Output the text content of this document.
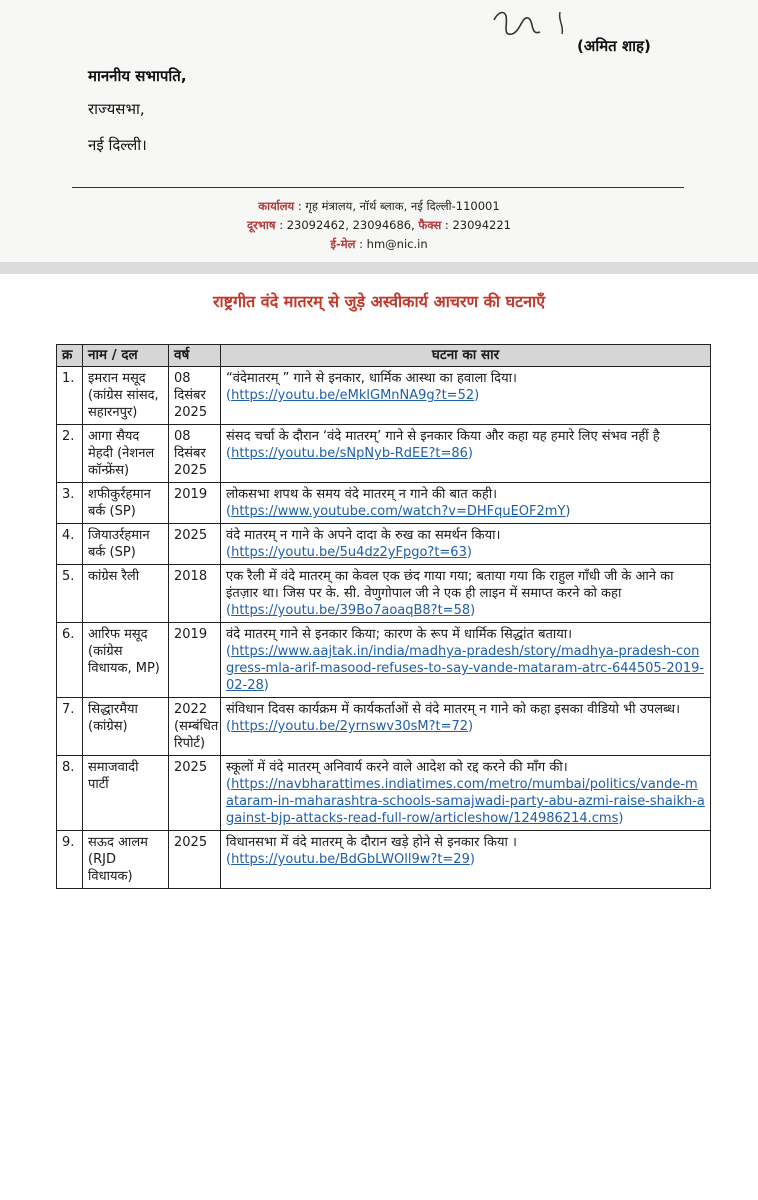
(अमित शाह)
माननीय सभापति,
राज्यसभा,
नई दिल्ली।
कार्यालय : गृह मंत्रालय, नॉर्थ ब्लाक, नई दिल्ली-110001
दूरभाष : 23092462, 23094686, फैक्स : 23094221
ई-मेल : hm@nic.in
राष्ट्रगीत वंदे मातरम् से जुड़े अस्वीकार्य आचरण की घटनाएँ
क्र	नाम / दल	वर्ष	घटना का सार
1.	इमरान मसूद (कांग्रेस सांसद, सहारनपुर)	08 दिसंबर 2025	“वंदेमातरम् ” गाने से इनकार, धार्मिक आस्था का हवाला दिया।
(https://youtu.be/eMklGMnNA9g?t=52)

2.	आगा सैयद मेहदी (नेशनल कॉन्फ्रेंस)	08 दिसंबर 2025	संसद चर्चा के दौरान ‘वंदे मातरम्’ गाने से इनकार किया और कहा यह हमारे लिए संभव नहीं है
(https://youtu.be/sNpNyb-RdEE?t=86)

3.	शफीकुर्रहमान बर्क (SP)	2019	लोकसभा शपथ के समय वंदे मातरम् न गाने की बात कही।
(https://www.youtube.com/watch?v=DHFquEOF2mY)

4.	जियाउर्रहमान बर्क (SP)	2025	वंदे मातरम् न गाने के अपने दादा के रुख का समर्थन किया।
(https://youtu.be/5u4dz2yFpgo?t=63)

5.	कांग्रेस रैली	2018	एक रैली में वंदे मातरम् का केवल एक छंद गाया गया; बताया गया कि राहुल गाँधी जी के आने का इंतज़ार था। जिस पर के. सी. वेणुगोपाल जी ने एक ही लाइन में समाप्त करने को कहा
(https://youtu.be/39Bo7aoaqB8?t=58)

6.	आरिफ मसूद (कांग्रेस विधायक, MP)	2019	वंदे मातरम् गाने से इनकार किया; कारण के रूप में धार्मिक सिद्धांत बताया।
(https://www.aajtak.in/india/madhya-pradesh/story/madhya-pradesh-congress-mla-arif-masood-refuses-to-say-vande-mataram-atrc-644505-2019-02-28)

7.	सिद्धारमैया (कांग्रेस)	2022 (सम्बंधित रिपोर्ट)	संविधान दिवस कार्यक्रम में कार्यकर्ताओं से वंदे मातरम् न गाने को कहा इसका वीडियो भी उपलब्ध।
(https://youtu.be/2yrnswv30sM?t=72)

8.	समाजवादी पार्टी	2025	स्कूलों में वंदे मातरम् अनिवार्य करने वाले आदेश को रद्द करने की माँग की।
(https://navbharattimes.indiatimes.com/metro/mumbai/politics/vande-mataram-in-maharashtra-schools-samajwadi-party-abu-azmi-raise-shaikh-against-bjp-attacks-read-full-row/articleshow/124986214.cms)

9.	सऊद आलम (RJD विधायक)	2025	विधानसभा में वंदे मातरम् के दौरान खड़े होने से इनकार किया ।
(https://youtu.be/BdGbLWOll9w?t=29)
